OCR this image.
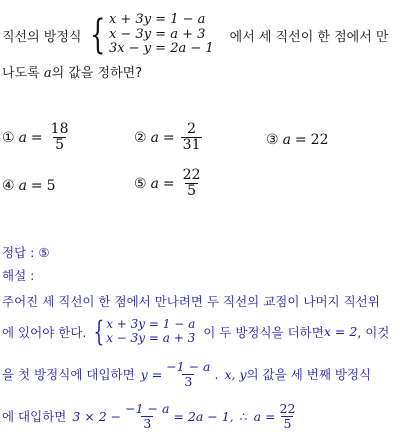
직선의 방정식 { x + 3y = 1 − a
x − 3y = a + 3
3x − y = 2a − 1
에서 세 직선이 한 점에서 만
나도록 a의 값을 정하면?
① $a = \frac{18}{5}$	② $a = \frac{2}{31}$	③ a = 22
④ a = 5	⑤ $a = \frac{22}{5}$
정답 : ⑤
해설 :
주어진 세 직선이 한 점에서 만나려면 두 직선의 교점이 나머지 직선위
에 있어야 한다. { x + 3y = 1 − a
x − 3y = a + 3 이 두 방정식을 더하면 x = 2 , 이것
을 첫 방정식에 대입하면 $y = \frac{-1 - a}{3}$ . x, y 의 값을 세 번째 방정식
에 대입하면 $3 \times 2 - \frac{-1 - a}{3} = 2a - 1$, ∴ $a = \frac{22}{5}$
